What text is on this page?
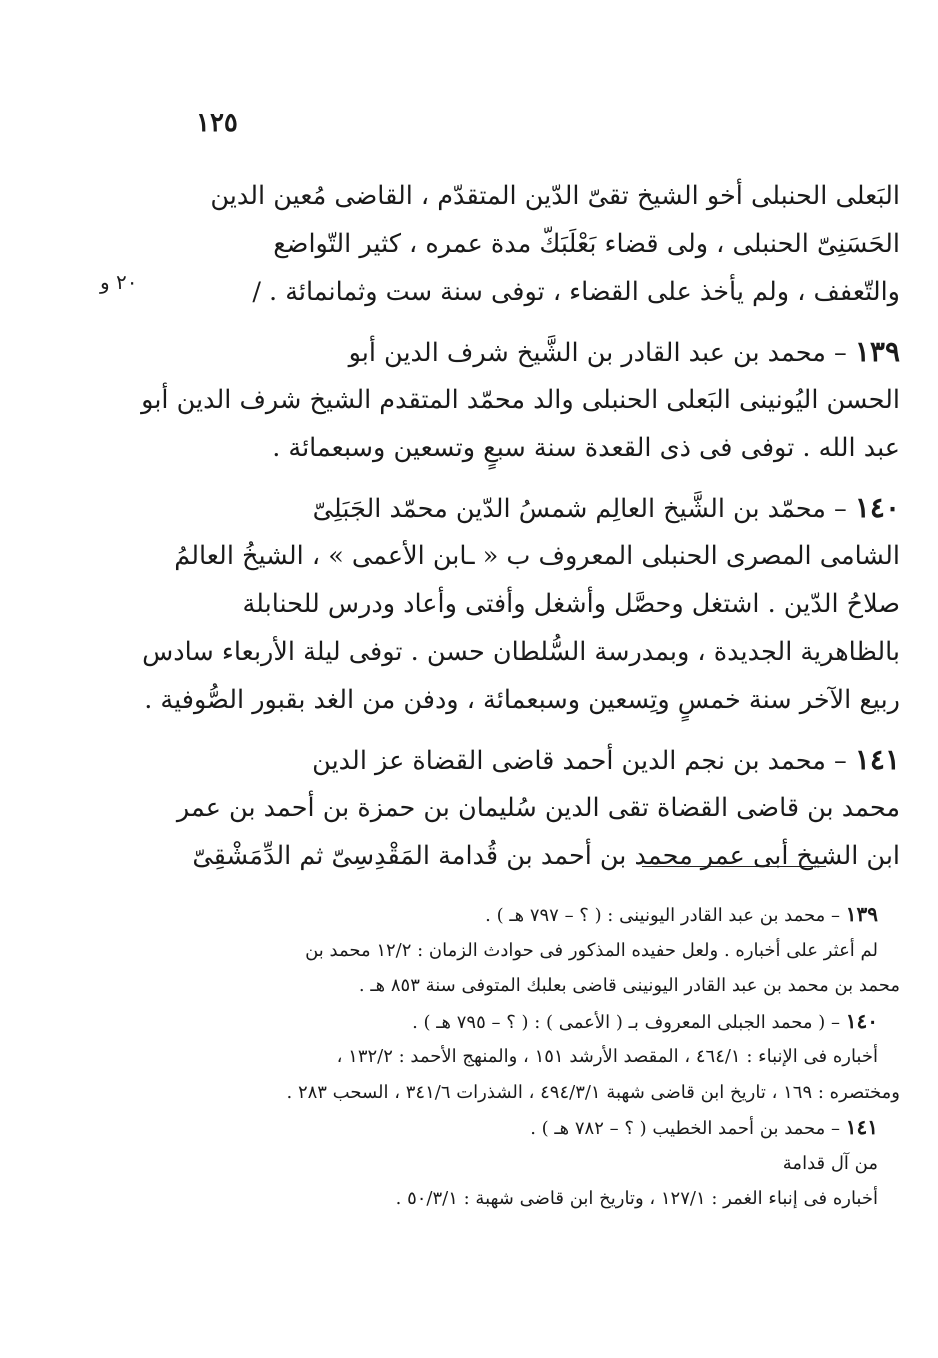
١٢٥
٢٠ و
البَعلى الحنبلى أخو الشيخ تقىّ الدّين المتقدّم ، القاضى مُعين الدين
الحَسَنِىّ الحنبلى ، ولى قضاء بَعْلَبَكّ مدة عمره ، كثير التّواضع
والتّعفف ، ولم يأخذ على القضاء ، توفى سنة ست وثمانمائة . /
١٣٩ – محمد بن عبد القادر بن الشَّيخ شرف الدين أبو
الحسن اليُونينى البَعلى الحنبلى والد محمّد المتقدم الشيخ شرف الدين أبو
عبد الله . توفى فى ذى القعدة سنة سبعٍ وتسعين وسبعمائة .
١٤٠ – محمّد بن الشَّيخ العالِم شمسُ الدّين محمّد الجَبَلِىّ
الشامى المصرى الحنبلى المعروف ب « ـابن الأعمى » ، الشيخُ العالمُ
صلاحُ الدّين . اشتغل وحصَّل وأشغل وأفتى وأعاد ودرس للحنابلة
بالظاهرية الجديدة ، وبمدرسة السُّلطان حسن . توفى ليلة الأربعاء سادس
ربيع الآخر سنة خمسٍ وتِسعين وسبعمائة ، ودفن من الغد بقبور الصُّوفية .
١٤١ – محمد بن نجم الدين أحمد قاضى القضاة عز الدين
محمد بن قاضى القضاة تقى الدين سُليمان بن حمزة بن أحمد بن عمر
ابن الشيخ أبى عمر محمد بن أحمد بن قُدامة المَقْدِسِىّ ثم الدِّمَشْقِىّ
١٣٩ – محمد بن عبد القادر اليونينى : ( ؟ – ٧٩٧ هـ ) .
لم أعثر على أخباره . ولعل حفيده المذكور فى حوادث الزمان : ١٢/٢ محمد بن
محمد بن محمد بن عبد القادر اليونينى قاضى بعلبك المتوفى سنة ٨٥٣ هـ .
١٤٠ – ( محمد الجبلى المعروف بـ ( الأعمى ) : ( ؟ – ٧٩٥ هـ ) .
أخباره فى الإنباء : ٤٦٤/١ ، المقصد الأرشد ١٥١ ، والمنهج الأحمد : ١٣٢/٢ ،
ومختصره : ١٦٩ ، تاريخ ابن قاضى شهبة ٤٩٤/٣/١ ، الشذرات ٣٤١/٦ ، السحب ٢٨٣ .
١٤١ – محمد بن أحمد الخطيب ( ؟ – ٧٨٢ هـ ) .
من آل قدامة
أخباره فى إنباء الغمر : ١٢٧/١ ، وتاريخ ابن قاضى شهبة : ٥٠/٣/١ .
